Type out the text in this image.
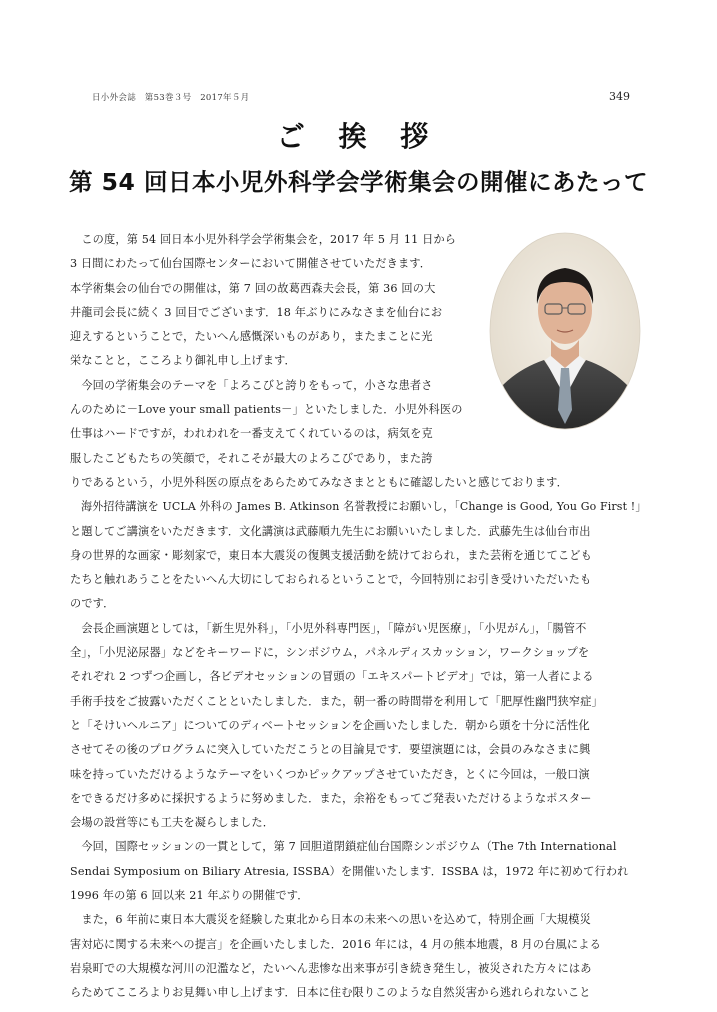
日小外会誌　第53巻３号　2017年５月	349
ご 挨 拶
第 54 回日本小児外科学会学術集会の開催にあたって
　この度，第 54 回日本小児外科学会学術集会を，2017 年 5 月 11 日から
3 日間にわたって仙台国際センターにおいて開催させていただきます．
本学術集会の仙台での開催は，第 7 回の故葛西森夫会長，第 36 回の大
井龍司会長に続く 3 回目でございます．18 年ぶりにみなさまを仙台にお
迎えするということで，たいへん感慨深いものがあり，またまことに光
栄なことと，こころより御礼申し上げます．
　今回の学術集会のテーマを「よろこびと誇りをもって，小さな患者さ
んのために－Love your small patients－」といたしました．小児外科医の
仕事はハードですが，われわれを一番支えてくれているのは，病気を克
服したこどもたちの笑顔で，それこそが最大のよろこびであり，また誇
りであるという，小児外科医の原点をあらためてみなさまとともに確認したいと感じております．
　海外招待講演を UCLA 外科の James B. Atkinson 名誉教授にお願いし，「Change is Good, You Go First !」
と題してご講演をいただきます．文化講演は武藤順九先生にお願いいたしました．武藤先生は仙台市出
身の世界的な画家・彫刻家で，東日本大震災の復興支援活動を続けておられ，また芸術を通じてこども
たちと触れあうことをたいへん大切にしておられるということで，今回特別にお引き受けいただいたも
のです．
　会長企画演題としては，「新生児外科」，「小児外科専門医」，「障がい児医療」，「小児がん」，「腸管不
全」，「小児泌尿器」などをキーワードに，シンポジウム，パネルディスカッション，ワークショップを
それぞれ 2 つずつ企画し，各ビデオセッションの冒頭の「エキスパートビデオ」では，第一人者による
手術手技をご披露いただくことといたしました．また，朝一番の時間帯を利用して「肥厚性幽門狭窄症」
と「そけいヘルニア」についてのディベートセッションを企画いたしました．朝から頭を十分に活性化
させてその後のプログラムに突入していただこうとの目論見です．要望演題には，会員のみなさまに興
味を持っていただけるようなテーマをいくつかピックアップさせていただき，とくに今回は，一般口演
をできるだけ多めに採択するように努めました．また，余裕をもってご発表いただけるようなポスター
会場の設営等にも工夫を凝らしました．
　今回，国際セッションの一貫として，第 7 回胆道閉鎖症仙台国際シンポジウム（The 7th International
Sendai Symposium on Biliary Atresia, ISSBA）を開催いたします．ISSBA は，1972 年に初めて行われ
1996 年の第 6 回以来 21 年ぶりの開催です．
　また，6 年前に東日本大震災を経験した東北から日本の未来への思いを込めて，特別企画「大規模災
害対応に関する未来への提言」を企画いたしました．2016 年には，4 月の熊本地震，8 月の台風による
岩泉町での大規模な河川の氾濫など，たいへん悲惨な出来事が引き続き発生し，被災された方々にはあ
らためてこころよりお見舞い申し上げます．日本に住む限りこのような自然災害から逃れられないこと
